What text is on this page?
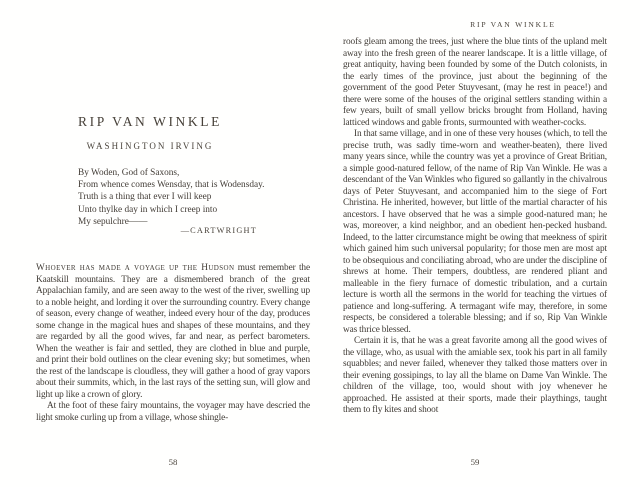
RIP VAN WINKLE
WASHINGTON IRVING
By Woden, God of Saxons,
From whence comes Wensday, that is Wodensday.
Truth is a thing that ever I will keep
Unto thylke day in which I creep into
My sepulchre——
—CARTWRIGHT

Whoever has made a voyage up the Hudson must remember the Kaatskill mountains. They are a dismembered branch of the great Appalachian family, and are seen away to the west of the river, swelling up to a noble height, and lording it over the surrounding country. Every change of season, every change of weather, indeed every hour of the day, produces some change in the magical hues and shapes of these mountains, and they are regarded by all the good wives, far and near, as perfect barometers. When the weather is fair and settled, they are clothed in blue and purple, and print their bold outlines on the clear evening sky; but sometimes, when the rest of the landscape is cloudless, they will gather a hood of gray vapors about their summits, which, in the last rays of the setting sun, will glow and light up like a crown of glory.

At the foot of these fairy mountains, the voyager may have descried the light smoke curling up from a village, whose shingle-

58
RIP VAN WINKLE

roofs gleam among the trees, just where the blue tints of the upland melt away into the fresh green of the nearer landscape. It is a little village, of great antiquity, having been founded by some of the Dutch colonists, in the early times of the province, just about the beginning of the government of the good Peter Stuyvesant, (may he rest in peace!) and there were some of the houses of the original settlers standing within a few years, built of small yellow bricks brought from Holland, having latticed windows and gable fronts, surmounted with weather-cocks.

In that same village, and in one of these very houses (which, to tell the precise truth, was sadly time-worn and weather-beaten), there lived many years since, while the country was yet a province of Great Britian, a simple good-natured fellow, of the name of Rip Van Winkle. He was a descendant of the Van Winkles who figured so gallantly in the chivalrous days of Peter Stuyvesant, and accompanied him to the siege of Fort Christina. He inherited, however, but little of the martial character of his ancestors. I have observed that he was a simple good-natured man; he was, moreover, a kind neighbor, and an obedient hen-pecked husband. Indeed, to the latter circumstance might be owing that meekness of spirit which gained him such universal popularity; for those men are most apt to be obsequious and conciliating abroad, who are under the discipline of shrews at home. Their tempers, doubtless, are rendered pliant and malleable in the fiery furnace of domestic tribulation, and a curtain lecture is worth all the sermons in the world for teaching the virtues of patience and long-suffering. A termagant wife may, therefore, in some respects, be considered a tolerable blessing; and if so, Rip Van Winkle was thrice blessed.

Certain it is, that he was a great favorite among all the good wives of the village, who, as usual with the amiable sex, took his part in all family squabbles; and never failed, whenever they talked those matters over in their evening gossipings, to lay all the blame on Dame Van Winkle. The children of the village, too, would shout with joy whenever he approached. He assisted at their sports, made their playthings, taught them to fly kites and shoot

59
